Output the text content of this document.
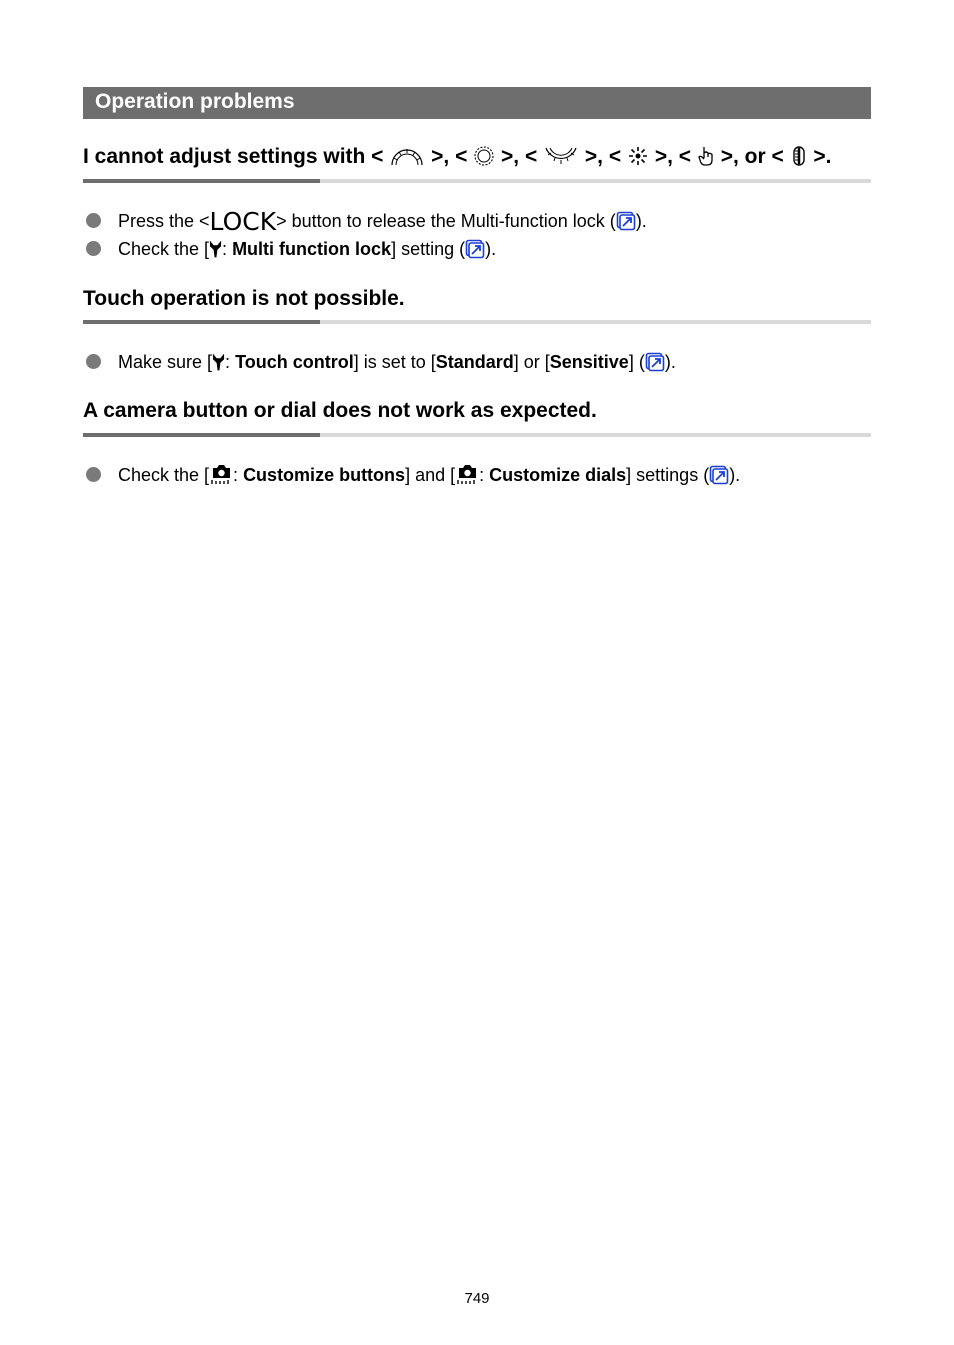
Operation problems
I cannot adjust settings with < >, < >, < >, < >, < >, or < >.
Press the <LOCK> button to release the Multi-function lock ( ).
Check the [ : Multi function lock] setting ( ).
Touch operation is not possible.
Make sure [ : Touch control] is set to [Standard] or [Sensitive] ( ).
A camera button or dial does not work as expected.
Check the [ : Customize buttons] and [ : Customize dials] settings ( ).
749
